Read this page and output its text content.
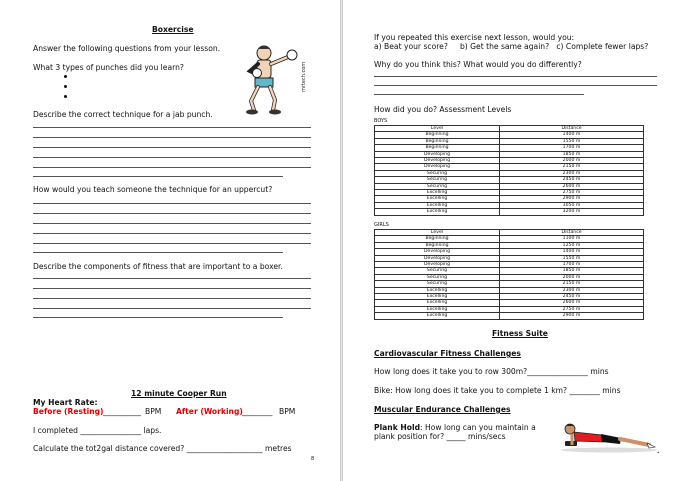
Boxercise
Answer the following questions from your lesson.
What 3 types of punches did you learn?	mrtech.com
Describe the correct technique for a jab punch.
How would you teach someone the technique for an uppercut?
Describe the components of fitness that are important to a boxer.
12 minute Cooper Run
My Heart Rate:
Before (Resting) __________ BPM After (Working) ________ BPM
I completed ________________ laps.
Calculate the tot2gal distance covered? ____________________ metres
8
If you repeated this exercise next lesson, would you:
a) Beat your score?     b) Get the same again?   c) Complete fewer laps?
Why do you think this? What would you do differently?
How did you do? Assessment Levels
BOYS
Level	Distance
Beginning	1400 m
Beginning	1550 m
Beginning	1700 m
Developing	1850 m
Developing	2000 m
Developing	2150 m
Securing	2300 m
Securing	2450 m
Securing	2600 m
Excelling	2750 m
Excelling	2900 m
Excelling	3050 m
Excelling	3200 m
GIRLS
Level	Distance
Beginning	1100 m
Beginning	1250 m
Developing	1400 m
Developing	1550 m
Developing	1700 m
Securing	1850 m
Securing	2000 m
Securing	2150 m
Excelling	2300 m
Excelling	2450 m
Excelling	2600 m
Excelling	2750 m
Excelling	2900 m
Fitness Suite
Cardiovascular Fitness Challenges
How long does it take you to row 300m?________________ mins
Bike: How long does it take you to complete 1 km? ________ mins
Muscular Endurance Challenges
Plank Hold: How long can you maintain a
plank position for? _____ mins/secs
•
